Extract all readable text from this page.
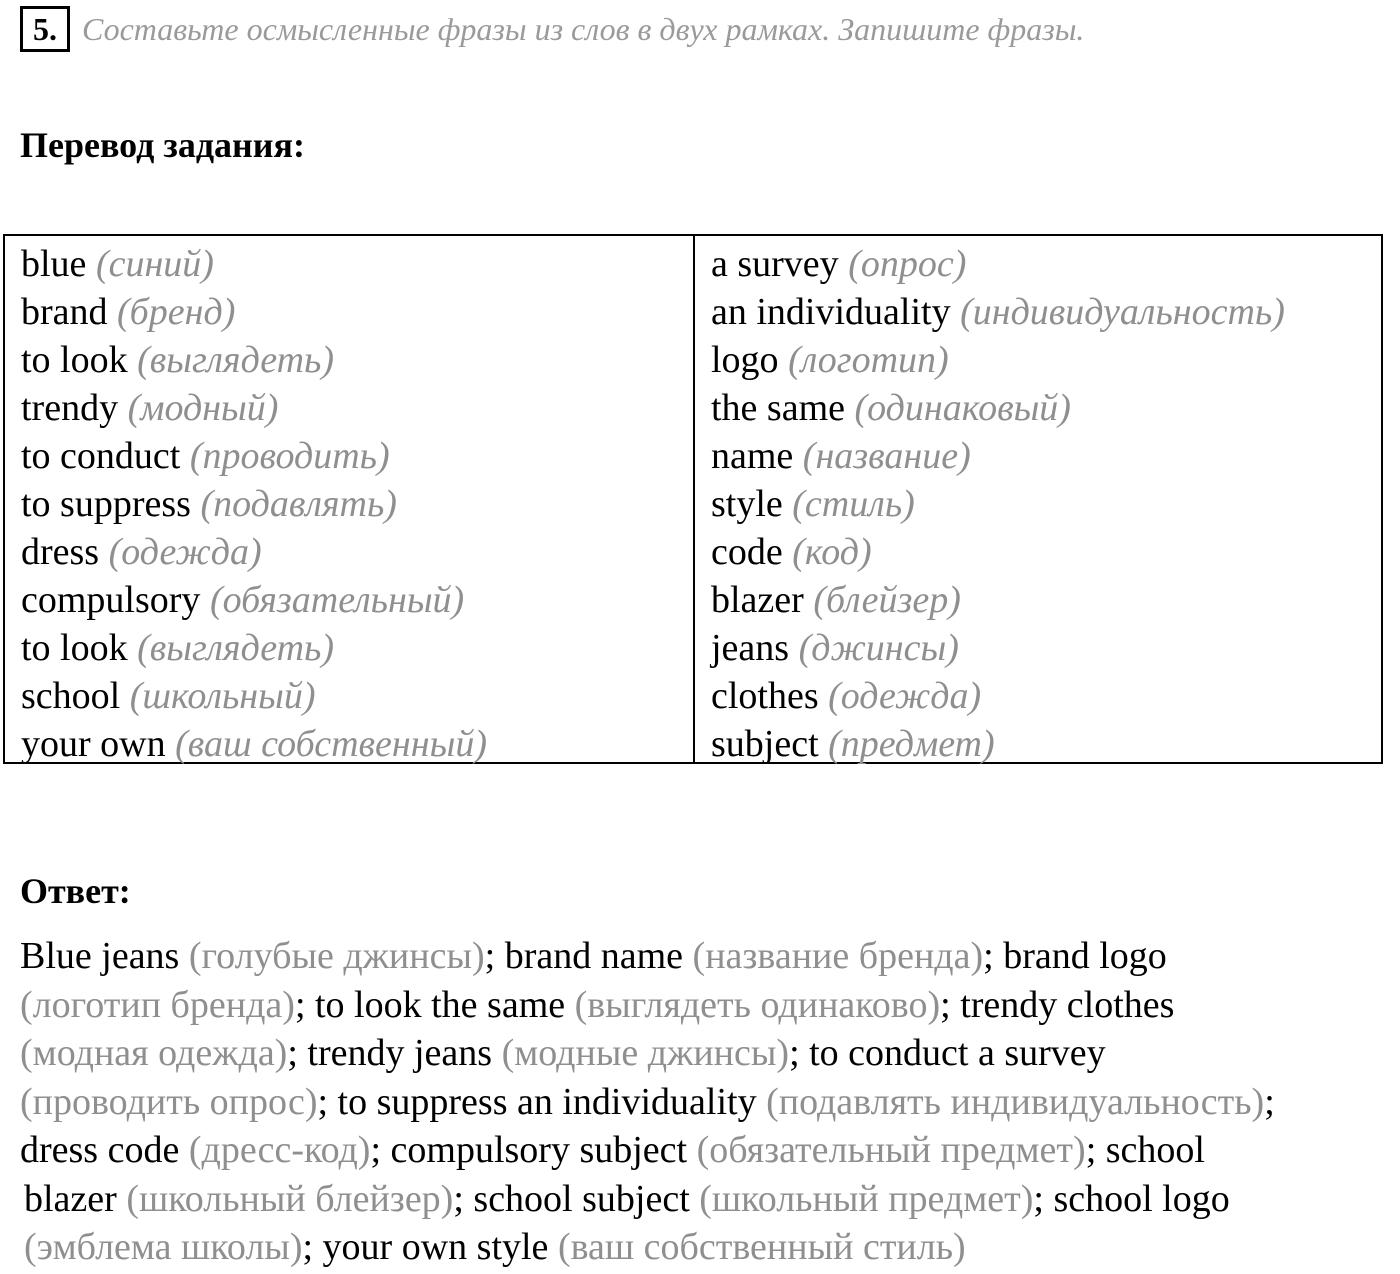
5. Составьте осмысленные фразы из слов в двух рамках. Запишите фразы.
Перевод задания:
blue (синий)
brand (бренд)
to look (выглядеть)
trendy (модный)
to conduct (проводить)
to suppress (подавлять)
dress (одежда)
compulsory (обязательный)
to look (выглядеть)
school (школьный)
your own (ваш собственный)
a survey (опрос)
an individuality (индивидуальность)
logo (логотип)
the same (одинаковый)
name (название)
style (стиль)
code (код)
blazer (блейзер)
jeans (джинсы)
clothes (одежда)
subject (предмет)
Ответ:
Blue jeans (голубые джинсы); brand name (название бренда); brand logo
(логотип бренда); to look the same (выглядеть одинаково); trendy clothes
(модная одежда); trendy jeans (модные джинсы); to conduct a survey
(проводить опрос); to suppress an individuality (подавлять индивидуальность);
dress code (дресс-код); compulsory subject (обязательный предмет); school
blazer (школьный блейзер); school subject (школьный предмет); school logo
(эмблема школы); your own style (ваш собственный стиль)
